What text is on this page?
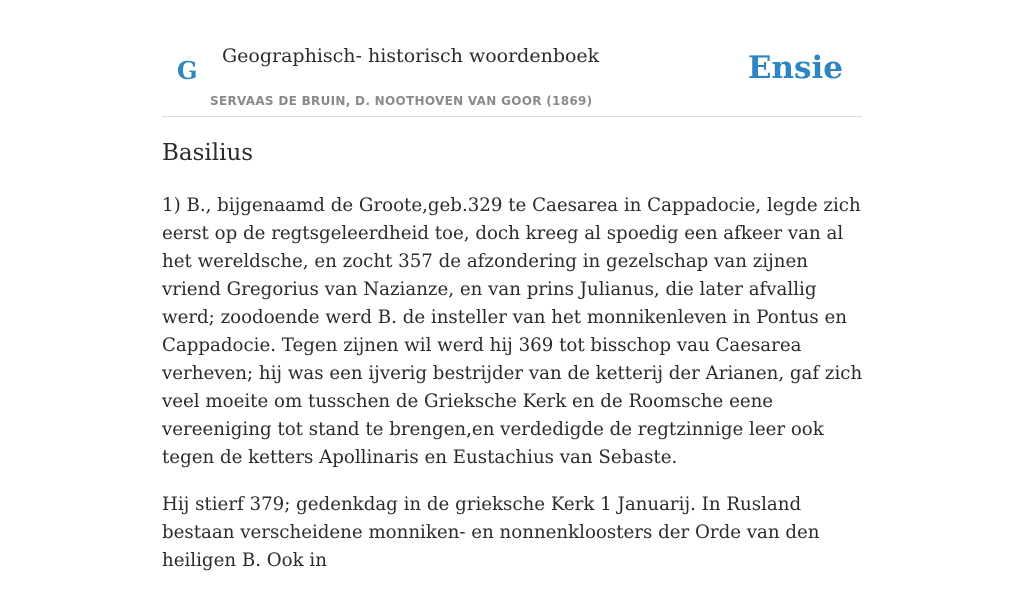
G Geographisch- historisch woordenboek
SERVAAS DE BRUIN, D. NOOTHOVEN VAN GOOR (1869)
Ensie
Basilius

1) B., bijgenaamd de Groote,geb.329 te Caesarea in Cappadocie, legde zich eerst op de regtsgeleerdheid toe, doch kreeg al spoedig een afkeer van al het wereldsche, en zocht 357 de afzondering in gezelschap van zijnen vriend Gregorius van Nazianze, en van prins Julianus, die later afvallig werd; zoodoende werd B. de insteller van het monnikenleven in Pontus en Cappadocie. Tegen zijnen wil werd hij 369 tot bisschop vau Caesarea verheven; hij was een ijverig bestrijder van de ketterij der Arianen, gaf zich veel moeite om tusschen de Grieksche Kerk en de Roomsche eene vereeniging tot stand te brengen,en verdedigde de regtzinnige leer ook tegen de ketters Apollinaris en Eustachius van Sebaste.

Hij stierf 379; gedenkdag in de grieksche Kerk 1 Januarij. In Rusland bestaan verscheidene monniken- en nonnenkloosters der Orde van den heiligen B. Ook in
